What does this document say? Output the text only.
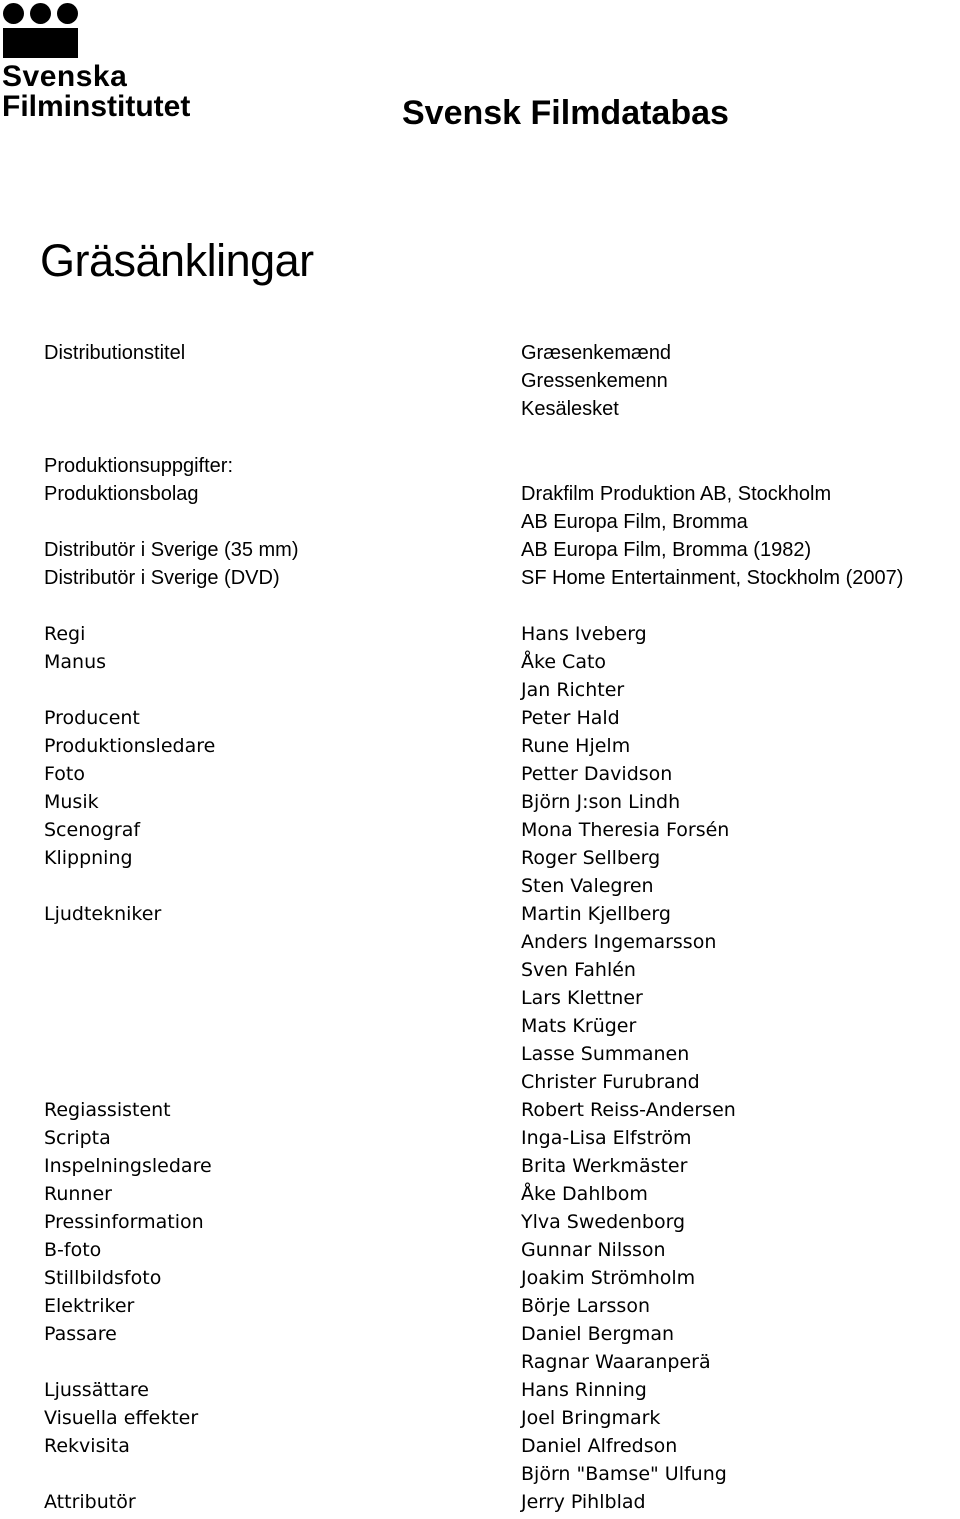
Svenska
Filminstitutet	Svensk Filmdatabas
Gräsänklingar
Distributionstitel	Græsenkemænd
Gressenkemenn
Kesälesket
Produktionsuppgifter:
Produktionsbolag	Drakfilm Produktion AB, Stockholm
AB Europa Film, Bromma
Distributör i Sverige (35 mm)	AB Europa Film, Bromma (1982)
Distributör i Sverige (DVD)	SF Home Entertainment, Stockholm (2007)
Regi	Hans Iveberg
Manus	Åke Cato
Jan Richter
Producent	Peter Hald
Produktionsledare	Rune Hjelm
Foto	Petter Davidson
Musik	Björn J:son Lindh
Scenograf	Mona Theresia Forsén
Klippning	Roger Sellberg
Sten Valegren
Ljudtekniker	Martin Kjellberg
Anders Ingemarsson
Sven Fahlén
Lars Klettner
Mats Krüger
Lasse Summanen
Christer Furubrand
Regiassistent	Robert Reiss-Andersen
Scripta	Inga-Lisa Elfström
Inspelningsledare	Brita Werkmäster
Runner	Åke Dahlbom
Pressinformation	Ylva Swedenborg
B-foto	Gunnar Nilsson
Stillbildsfoto	Joakim Strömholm
Elektriker	Börje Larsson
Passare	Daniel Bergman
Ragnar Waaranperä
Ljussättare	Hans Rinning
Visuella effekter	Joel Bringmark
Rekvisita	Daniel Alfredson
Björn "Bamse" Ulfung
Attributör	Jerry Pihlblad
